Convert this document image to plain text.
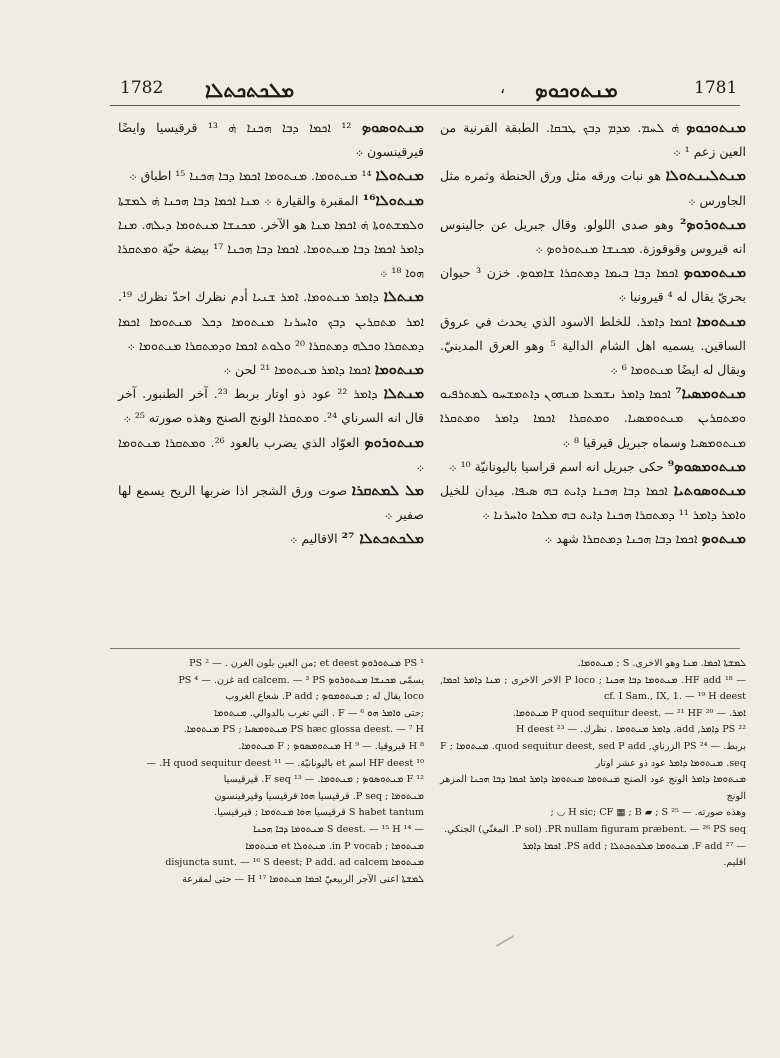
1782 ܡܠܟܬܟܬܠܐ	، ܡܢܬܘܟܘܤ	1781

ܡܢܬܘܟܘܤ ܗ݁ ܠܚܡ. ܡܕܡ ܕܒܟ ܛܒܩܐ. الطبقة القرنية من العين زعم ¹ ܀

ܡܢܬܠܝܢܬܘܠܐ هو نبات ورقه مثل ورق الحنطة وثمره مثل الجاورس ܀

ܡܢܬܘܪܘܤ² وهو صدى اللولو. وقال جبريل عن جالينوس انه قيروس وقوقوزة. ܡܟܢܫܐ ܡܢܬܘܪܘܤ ܀

ܡܢܬܘܡܘܤ ܐܟܡܐ ܕܒܐ ܒܝܡܐ ܕܡܬܩܪܐ ܫܐܡܘܤ. خزن ³ حيوان بحريّ يقال له ⁴ قيرونيا ܀

ܡܢܬܘܡܐ ܐܟܡܐ ܕܐܡܪ. للخلط الاسود الذي يحدث في عروق الساقين. يسميه اهل الشام الدالية ⁵ وهو العرق المدينيّ. ويقال له ايضًا ܡܢܬܘܡܐ ⁶ ܀

ܡܢܬܘܡܣܝܐ⁷ ܐܟܡܐ ܕܐܡܪ ܢܫܡܥܐ ܡܢܗܘܢ ܕܐܬܡܫܚܘ ܠܡܬܪܦܝܘ ܘܡܬܩܪܝܢ ܡܢܬܘܡܣܝܐ. ܘܡܬܩܪܐ ܐܟܡܐ ܕܐܡܪ ܘܡܬܩܪܐ ܡܢܬܘܡܣܝܐ وسماه جبريل قيرقيا ⁸ ܀

ܡܢܬܘܡܣܘܤ⁹ حكى جبريل انه اسم قراسيا باليونانيّة ¹⁰ ܀

ܡܢܬܘܣܘܬܝܐ ܐܟܡܐ ܕܒܐ ܗܟܢܐ ܕܐܝܬ ܒܗ ܣܝܦܐ. ميدان للخيل ܘܐܡܪ ܕܐܡܪ ¹¹ ܕܡܬܩܪܐ ܗܟܢܐ ܕܐܝܬ ܒܗ ܡܠܟܐ ܘܐܚܪܢܐ ܀

ܡܢܬܘܤ ܐܟܡܐ ܕܒܐ ܗܟܢܐ ܕܡܬܩܪܐ شهد ܀

ܡܢܬܘܣܘܤ ¹² ܐܟܡܐ ܕܒܐ ܗܟܢܐ ܗ݁ ¹³ قرقيسيا وايضًا قيرقينسون ܀

ܡܢܬܘܠܐ ¹⁴ ܡܢܬܘܡܐ. ܡܢܬܘܡܐ ܐܟܡܐ ܕܒܐ ܗܟܢܐ ¹⁵ اطباق ܀

ܡܢܬܘܠܐ¹⁶ المقبرة والقيارة ܀ ܡܢܐ ܐܟܡܐ ܕܒܐ ܗܟܢܐ ܗ݁ ܠܡܫܬܐ ܘܠܡܫܬܘܬܐ ܗ݁ ܐܟܡܐ ܡܢܐ هو الآخر. ܡܟܢܫܐ ܡܢܬܘܡܐ ܕܝܠܗ. ܡܢܐ ܕܐܡܪ ܐܟܡܐ ܕܒܐ ܡܢܬܘܡܐ. ܐܟܡܐ ܕܒܐ ܗܟܢܐ ¹⁷ بيضة حيّة ܘܡܬܩܪܐ ܗܘܐ ¹⁸ ܀

ܡܢܬܠܐ ܕܐܡܪ ܡܢܬܘܡܐ. ܐܡܪ ܫܢܝܐ أدم نظرك احدّ نظرك ¹⁹. ܐܡܪ ܡܬܩܪܝܢ ܕܒܟ ܘܐܚܪܢܐ ܡܢܬܘܡܐ ܕܟܠ ܡܢܬܘܡܐ ܐܟܡܐ ܕܡܬܩܪܐ ܘܟܠܗ ܕܡܬܩܪܐ ²⁰ ܘܠܘܬ ܐܟܡܐ ܘܕܡܬܩܪܐ ܡܢܬܘܡܐ ܀

ܡܢܬܘܡܐ ܐܟܡܐ ܕܐܡܪ ܡܢܬܘܡܐ ²¹ لحن ܀

ܡܢܬܠܐ ܕܐܡܪ ²² عود ذو اوتار بربط ²³. آخر الطنبور. آخر قال انه السرناي ²⁴. ܘܡܬܩܪܐ الونج الصنج وهذه صورته ²⁵ ܀

ܡܢܬܘܪܘܤ العوّاد الذي يضرب بالعود ²⁶. ܘܡܬܩܪܐ ܡܢܬܘܡܐ ܀

ܡܠ ܠܡܬܩܪܐ صوت ورق الشجر اذا ضربها الريح يسمع لها صفير ܀

ܡܠܟܬܟܬܠܐ ²⁷ الاقاليم ܀

ܠܡܫܬܐ ܐܟܡܐ. ܡܢܐ وهو الاخرى. S ; ܡܢܬܘܡܐ.

— ¹⁸ HF add. ܡܢܬܘܡܐ ܕܒܐ ܗܟܢܐ ; P loco الاخر الاخرى ; ܡܢܐ ܕܐܡܪ ܐܟܡܐ, cf. I Sam., IX, 1. — ¹⁹ H deest

ܐܡܪ. — ²⁰ P quod sequitur deest. — ²¹ HF ܡܢܬܘܡܐ.

²² PS ܕܐܡܪ, add. ܕܐܡܪ ܡܢܬܘܡܐ . نظرك. — ²³ H deest

بربط. — ²⁴ PS الزرناي, quod sequitur deest, sed P add. ܡܢܬܘܡܐ ; F seq. ܡܢܬܘܡܐ ܕܐܡܪ عود ذو عشر اوتار

ܡܢܬܘܡܐ ܕܐܡܪ الونج عود الصنج ܡܢܬܘܡܐ ܡܢܬܘܡܐ ܕܐܡܪ ܐܟܡܐ ܕܒܐ ܗܟܢܐ المزهر الونج

وهذه صورته. — ²⁵ H sic; CF ▦ ; B ▰ ; S ◡ ;

PR nullam figuram præbent. — ²⁶ PS seq. (P sol. المغنّي) الجنكي.

— ²⁷ F add. ܡܢܬܘܡܐ ܡܠܟܬܟܬܠܐ ; PS add. ܐܟܡܐ ܕܐܡܪ

اقليم.

¹ PS ܡܢܬܘܪܘܤ et deest ;من العين بلون الغرن . — ² PS

يسمّى ܡܟܢܫܐ ܡܢܬܘܪܘܤ ad calcem. — ³ PS غزن. — ⁴ PS

loco يقال له ; ܡܢܬܘܡܘܤ ; P add. شعاع الغروب

;حتى ܘܐܡܪ ܗܘ ⁶ — F . التي تغرب بالدوالي. ܡܢܬܘܡܐ

PS hæc glossa deest. — ⁷ H ܡܢܬܘܡܣܝܐ ; PS ܡܢܬܘܡܐ.

⁸ H قيروقيا. — ⁹ H ܡܢܬܘܡܣܘܤ ; F ܡܢܬܘܡܐ.

¹⁰ HF deest اسم et باليونانيّة. — ¹¹ H quod sequitur deest. —

¹² F ܡܢܬܘܣܘܤ ; ܡܢܬܘܡܐ. — ¹³ F seq. قيرقيسيا

ܡܢܬܘܡܐ ; P seq. قرقيسيا ܗܘܐ قرقيسيا وقيرقينسون

S habet tantum قرقيسيا ܗܘܐ ܡܢܬܘܡܐ ; قيرقيسيا.

— ¹⁴ S deest. — ¹⁵ H ܡܢܬܘܡܐ ܕܒܐ ܗܟܢܐ

ܡܢܬܘܡܐ ; in P vocab. ܡܢܬܘܠܐ et ܡܢܬܘܡܐ

ܡܢܬܘܡܐ disjuncta sunt. — ¹⁶ S deest; P add. ad calcem

ܠܡܫܬܐ اعنى الآجر الربيعيّ ܐܟܡܐ ܡܢܬܘܡܐ H ¹⁷ — حتى لمقرعة
